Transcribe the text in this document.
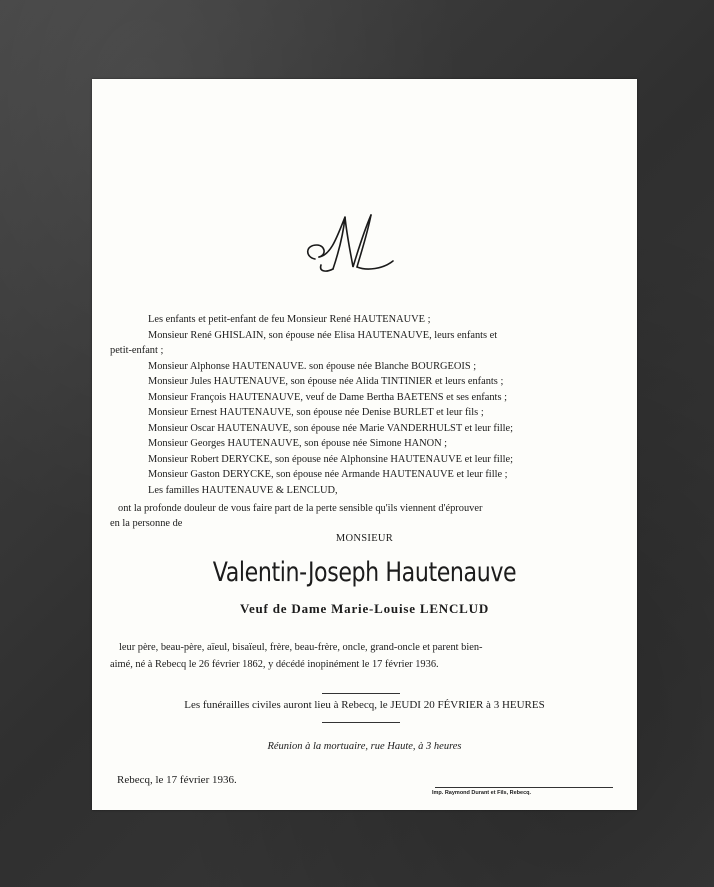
Les enfants et petit-enfant de feu Monsieur René HAUTENAUVE ;
Monsieur René GHISLAIN, son épouse née Elisa HAUTENAUVE, leurs enfants et
petit-enfant ;
Monsieur Alphonse HAUTENAUVE. son épouse née Blanche BOURGEOIS ;
Monsieur Jules HAUTENAUVE, son épouse née Alida TINTINIER et leurs enfants ;
Monsieur François HAUTENAUVE, veuf de Dame Bertha BAETENS et ses enfants ;
Monsieur Ernest HAUTENAUVE, son épouse née Denise BURLET et leur fils ;
Monsieur Oscar HAUTENAUVE, son épouse née Marie VANDERHULST et leur fille;
Monsieur Georges HAUTENAUVE, son épouse née Simone HANON ;
Monsieur Robert DERYCKE, son épouse née Alphonsine HAUTENAUVE et leur fille;
Monsieur Gaston DERYCKE, son épouse née Armande HAUTENAUVE et leur fille ;
Les familles HAUTENAUVE & LENCLUD,
ont la profonde douleur de vous faire part de la perte sensible qu'ils viennent d'éprouver
en la personne de
MONSIEUR
Valentin-Joseph Hautenauve
Veuf de Dame Marie-Louise LENCLUD
leur père, beau-père, aïeul, bisaïeul, frère, beau-frère, oncle, grand-oncle et parent bien-
aimé, né à Rebecq le 26 février 1862, y décédé inopinément le 17 février 1936.
Les funérailles civiles auront lieu à Rebecq, le JEUDI 20 FÉVRIER à 3 HEURES
Réunion à la mortuaire, rue Haute, à 3 heures
Rebecq, le 17 février 1936.
Imp. Raymond Durant et Fils, Rebecq.
